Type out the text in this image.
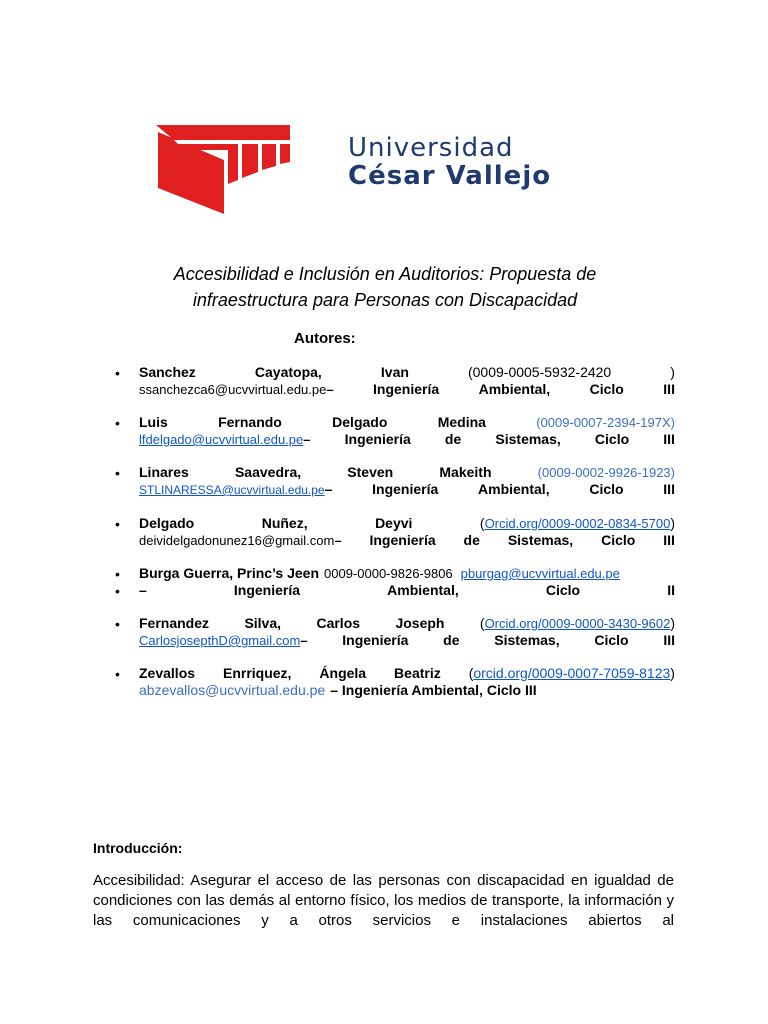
Universidad
César Vallejo
Accesibilidad e Inclusión en Auditorios: Propuesta de infraestructura para Personas con Discapacidad
Autores:
• Sanchez	Cayatopa,	Ivan	(0009-0005-5932-2420	)
ssanchezca6@ucvvirtual.edu.pe–	Ingeniería	Ambiental,	Ciclo	III
• Luis	Fernando	Delgado	Medina	(0009-0007-2394-197X)
lfdelgado@ucvvirtual.edu.pe– Ingeniería de Sistemas, Ciclo III
• Linares	Saavedra,	Steven	Makeith	(0009-0002-9926-1923)
STLINARESSA@ucvvirtual.edu.pe–	Ingeniería	Ambiental,	Ciclo	III
• Delgado	Nuñez,	Deyvi	(Orcid.org/0009-0002-0834-5700)
deividelgadonunez16@gmail.com– Ingeniería de Sistemas, Ciclo III
•
•
Burga Guerra, Princ’s Jeen 0009-0000-9826-9806 pburgag@ucvvirtual.edu.pe
–	Ingeniería	Ambiental,	Ciclo	II
• Fernandez	Silva,	Carlos	Joseph	(Orcid.org/0009-0000-3430-9602)
CarlosjosepthD@gmail.com– Ingeniería de Sistemas, Ciclo III
• Zevallos Enrriquez, Ángela Beatriz (orcid.org/0009-0007-7059-8123)
abzevallos@ucvvirtual.edu.pe – Ingeniería Ambiental, Ciclo III
Introducción:
Accesibilidad: Asegurar el acceso de las personas con discapacidad en igualdad de condiciones con las demás al entorno físico, los medios de transporte, la información y las comunicaciones y a otros servicios e instalaciones abiertos al
